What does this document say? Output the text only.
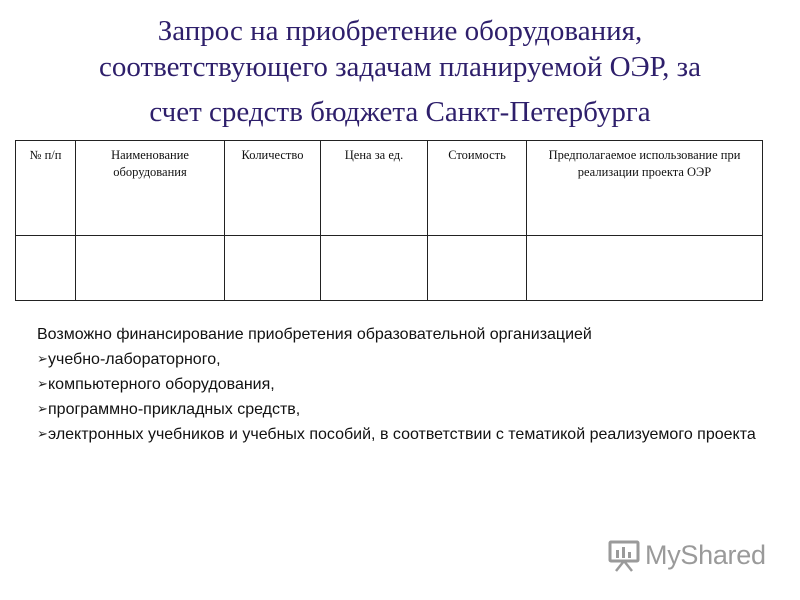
Запрос на приобретение оборудования,
соответствующего задачам планируемой ОЭР, за
счет средств бюджета Санкт-Петербурга
№ п/п	Наименование оборудования	Количество	Цена за ед.	Стоимость	Предполагаемое использование при реализации проекта ОЭР

Возможно финансирование приобретения образовательной организацией
➢учебно-лабораторного,
➢компьютерного оборудования,
➢программно-прикладных средств,
➢электронных учебников и учебных пособий, в соответствии с тематикой реализуемого проекта
MyShared
